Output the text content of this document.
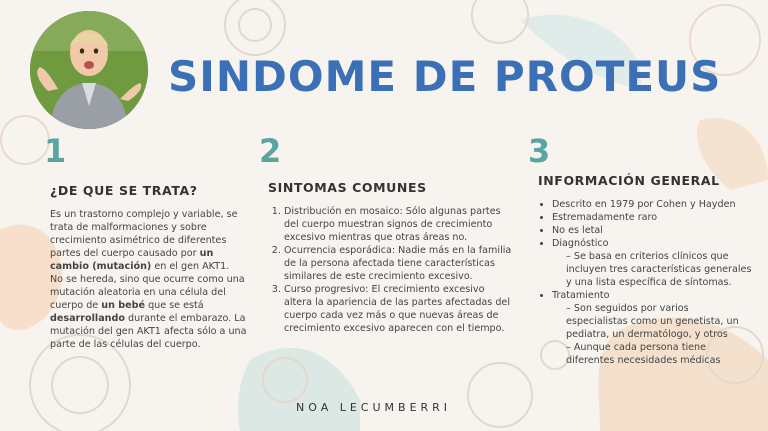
SINDOME DE PROTEUS
1	2	3
¿DE QUE SE TRATA?	SINTOMAS COMUNES	INFORMACIÓN GENERAL

Es un trastorno complejo y variable, se trata de malformaciones y sobre crecimiento asimétrico de diferentes partes del cuerpo causado por un cambio (mutación) en el gen AKT1.

No se hereda, sino que ocurre como una mutación aleatoria en una célula del cuerpo de un bebé que se está desarrollando durante el embarazo. La mutación del gen AKT1 afecta sólo a una parte de las células del cuerpo.

1. Distribución en mosaico: Sólo algunas partes del cuerpo muestran signos de crecimiento excesivo mientras que otras áreas no.
2. Ocurrencia esporádica: Nadie más en la familia de la persona afectada tiene características similares de este crecimiento excesivo.
3. Curso progresivo: El crecimiento excesivo altera la apariencia de las partes afectadas del cuerpo cada vez más o que nuevas áreas de crecimiento excesivo aparecen con el tiempo.
• Descrito en 1979 por Cohen y Hayden
• Estremadamente raro
• No es letal
• Diagnóstico
– Se basa en criterios clínicos que incluyen tres características generales y una lista específica de síntomas.
• Tratamiento
– Son seguidos por varios especialistas como un genetista, un pediatra, un dermatólogo, y otros
– Aunque cada persona tiene diferentes necesidades médicas
NOA LECUMBERRI
